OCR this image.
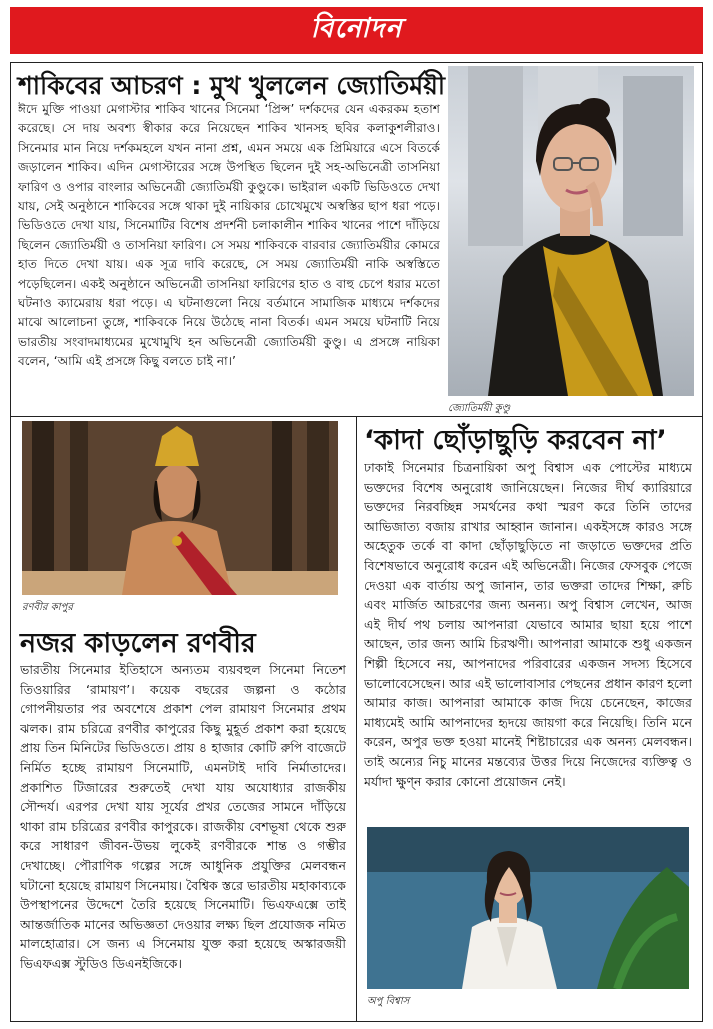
বিনোদন
শাকিবের আচরণ : মুখ খুললেন জ্যোতির্ময়ী

ঈদে মুক্তি পাওয়া মেগাস্টার শাকিব খানের সিনেমা ‘প্রিন্স’ দর্শকদের যেন একরকম হতাশ করেছে। সে দায় অবশ্য স্বীকার করে নিয়েছেন শাকিব খানসহ ছবির কলাকুশলীরাও। সিনেমার মান নিয়ে দর্শকমহলে যখন নানা প্রশ্ন, এমন সময়ে এক প্রিমিয়ারে এসে বিতর্কে জড়ালেন শাকিব। এদিন মেগাস্টারের সঙ্গে উপস্থিত ছিলেন দুই সহ-অভিনেত্রী তাসনিয়া ফারিণ ও ওপার বাংলার অভিনেত্রী জ্যোতির্ময়ী কুণ্ডুকে। ভাইরাল একটি ভিডিওতে দেখা যায়, সেই অনুষ্ঠানে শাকিবের সঙ্গে থাকা দুই নায়িকার চোখেমুখে অস্বস্তির ছাপ ধরা পড়ে। ভিডিওতে দেখা যায়, সিনেমাটির বিশেষ প্রদর্শনী চলাকালীন শাকিব খানের পাশে দাঁড়িয়ে ছিলেন জ্যোতির্ময়ী ও তাসনিয়া ফারিণ। সে সময় শাকিবকে বারবার জ্যোতির্ময়ীর কোমরে হাত দিতে দেখা যায়। এক সূত্র দাবি করেছে, সে সময় জ্যোতির্ময়ী নাকি অস্বস্তিতে পড়েছিলেন। একই অনুষ্ঠানে অভিনেত্রী তাসনিয়া ফারিণের হাত ও বাহু চেপে ধরার মতো ঘটনাও ক্যামেরায় ধরা পড়ে। এ ঘটনাগুলো নিয়ে বর্তমানে সামাজিক মাধ্যমে দর্শকদের মাঝে আলোচনা তুঙ্গে, শাকিবকে নিয়ে উঠেছে নানা বিতর্ক। এমন সময়ে ঘটনাটি নিয়ে ভারতীয় সংবাদমাধ্যমের মুখোমুখি হন অভিনেত্রী জ্যোতির্ময়ী কুণ্ডু। এ প্রসঙ্গে নায়িকা বলেন, ‘আমি এই প্রসঙ্গে কিছু বলতে চাই না।’

জ্যোতির্ময়ী কুণ্ডু
রণবীর কাপুর
নজর কাড়লেন রণবীর

ভারতীয় সিনেমার ইতিহাসে অন্যতম ব্যয়বহুল সিনেমা নিতেশ তিওয়ারির ‘রামায়ণ’। কয়েক বছরের জল্পনা ও কঠোর গোপনীয়তার পর অবশেষে প্রকাশ পেল রামায়ণ সিনেমার প্রথম ঝলক। রাম চরিত্রে রণবীর কাপুরের কিছু মুহূর্ত প্রকাশ করা হয়েছে প্রায় তিন মিনিটের ভিডিওতে। প্রায় ৪ হাজার কোটি রুপি বাজেটে নির্মিত হচ্ছে রামায়ণ সিনেমাটি, এমনটাই দাবি নির্মাতাদের। প্রকাশিত টিজারের শুরুতেই দেখা যায় অযোধ্যার রাজকীয় সৌন্দর্য। এরপর দেখা যায় সূর্যের প্রখর তেজের সামনে দাঁড়িয়ে থাকা রাম চরিত্রের রণবীর কাপুরকে। রাজকীয় বেশভূষা থেকে শুরু করে সাধারণ জীবন-উভয় লুকেই রণবীরকে শান্ত ও গম্ভীর দেখাচ্ছে। পৌরাণিক গল্পের সঙ্গে আধুনিক প্রযুক্তির মেলবন্ধন ঘটানো হয়েছে রামায়ণ সিনেমায়। বৈশ্বিক স্তরে ভারতীয় মহাকাব্যকে উপস্থাপনের উদ্দেশে তৈরি হয়েছে সিনেমাটি। ভিএফএক্সে তাই আন্তর্জাতিক মানের অভিজ্ঞতা দেওয়ার লক্ষ্য ছিল প্রযোজক নমিত মালহোত্রার। সে জন্য এ সিনেমায় যুক্ত করা হয়েছে অস্কারজয়ী ভিএফএক্স স্টুডিও ডিএনইজিকে।

‘কাদা ছোঁড়াছুড়ি করবেন না’

ঢাকাই সিনেমার চিত্রনায়িকা অপু বিশ্বাস এক পোস্টের মাধ্যমে ভক্তদের বিশেষ অনুরোধ জানিয়েছেন। নিজের দীর্ঘ ক্যারিয়ারে ভক্তদের নিরবচ্ছিন্ন সমর্থনের কথা স্মরণ করে তিনি তাদের আভিজাত্য বজায় রাখার আহ্বান জানান। একইসঙ্গে কারও সঙ্গে অহেতুক তর্কে বা কাদা ছোঁড়াছুড়িতে না জড়াতে ভক্তদের প্রতি বিশেষভাবে অনুরোধ করেন এই অভিনেত্রী। নিজের ফেসবুক পেজে দেওয়া এক বার্তায় অপু জানান, তার ভক্তরা তাদের শিক্ষা, রুচি এবং মার্জিত আচরণের জন্য অনন্য। অপু বিশ্বাস লেখেন, আজ এই দীর্ঘ পথ চলায় আপনারা যেভাবে আমার ছায়া হয়ে পাশে আছেন, তার জন্য আমি চিরঋণী। আপনারা আমাকে শুধু একজন শিল্পী হিসেবে নয়, আপনাদের পরিবারের একজন সদস্য হিসেবে ভালোবেসেছেন। আর এই ভালোবাসার পেছনের প্রধান কারণ হলো আমার কাজ। আপনারা আমাকে কাজ দিয়ে চেনেছেন, কাজের মাধ্যমেই আমি আপনাদের হৃদয়ে জায়গা করে নিয়েছি। তিনি মনে করেন, অপুর ভক্ত হওয়া মানেই শিষ্টাচারের এক অনন্য মেলবন্ধন। তাই অন্যের নিচু মানের মন্তব্যের উত্তর দিয়ে নিজেদের ব্যক্তিত্ব ও মর্যাদা ক্ষুণ্ন করার কোনো প্রয়োজন নেই।

অপু বিশ্বাস
